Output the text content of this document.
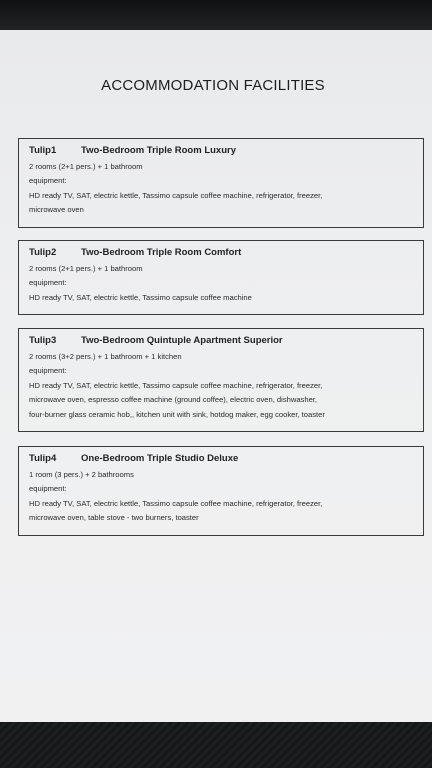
ACCOMMODATION FACILITIES
Tulip1	Two-Bedroom Triple Room Luxury
2 rooms (2+1 pers.) + 1 bathroom
equipment:
HD ready TV, SAT, electric kettle, Tassimo capsule coffee machine, refrigerator, freezer,
microwave oven
Tulip2	Two-Bedroom Triple Room Comfort
2 rooms (2+1 pers.) + 1 bathroom
equipment:
HD ready TV, SAT, electric kettle, Tassimo capsule coffee machine
Tulip3	Two-Bedroom Quintuple Apartment Superior
2 rooms (3+2 pers.) + 1 bathroom + 1 kitchen
equipment:
HD ready TV, SAT, electric kettle, Tassimo capsule coffee machine, refrigerator, freezer,
microwave oven, espresso coffee machine (ground coffee), electric oven, dishwasher,
four-burner glass ceramic hob,, kitchen unit with sink, hotdog maker, egg cooker, toaster
Tulip4	One-Bedroom Triple Studio Deluxe
1 room (3 pers.) + 2 bathrooms
equipment:
HD ready TV, SAT, electric kettle, Tassimo capsule coffee machine, refrigerator, freezer,
microwave oven, table stove - two burners, toaster
